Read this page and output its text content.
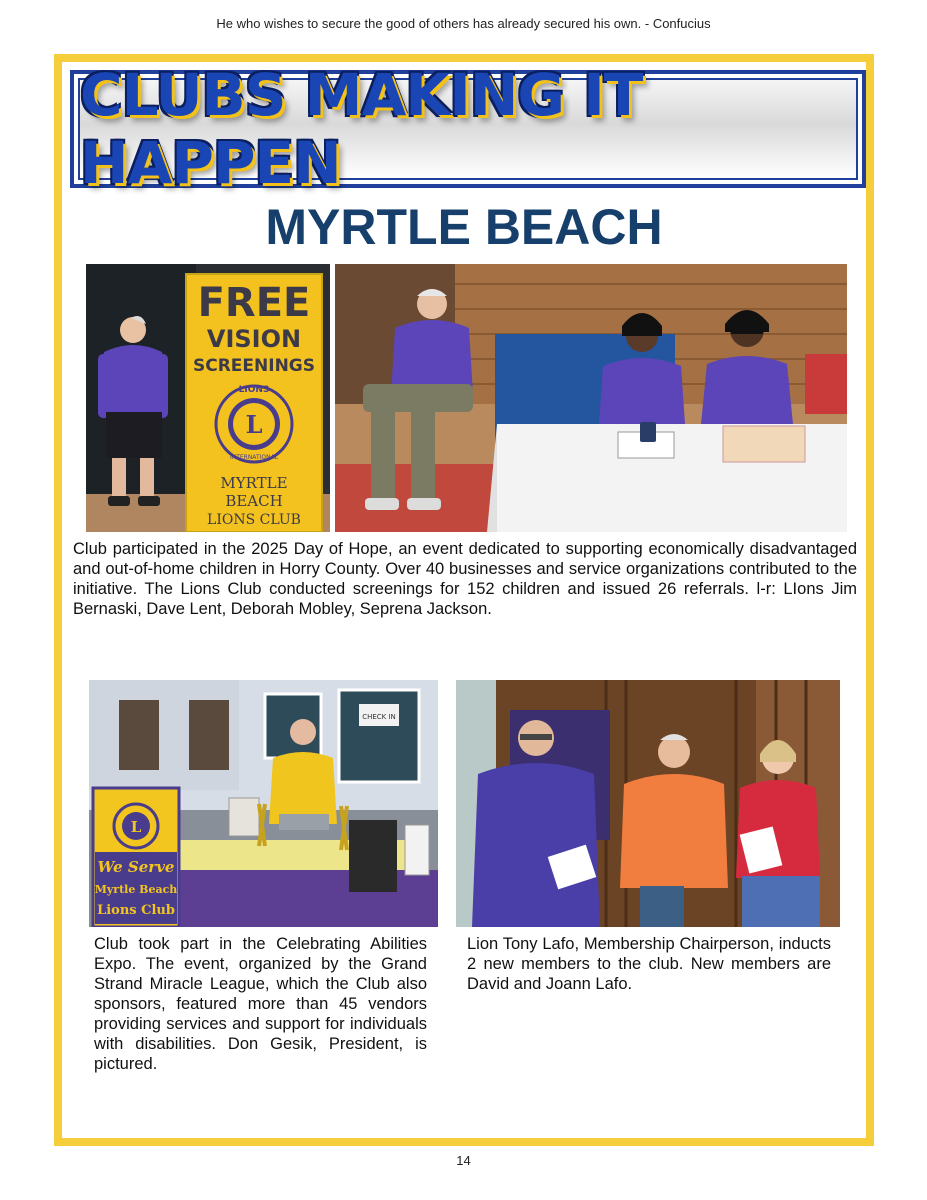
He who wishes to secure the good of others has already secured his own. - Confucius
CLUBS MAKING IT HAPPEN
MYRTLE BEACH
FREE
VISION
SCREENINGS
LIONS
L
INTERNATIONAL
MYRTLE
BEACH
LIONS CLUB
Club participated in the 2025 Day of Hope, an event dedicated to supporting economically disadvantaged and out-of-home children in Horry County. Over 40 businesses and service organizations contributed to the initiative. The Lions Club conducted screenings for 152 children and issued 26 referrals. l-r: LIons Jim Bernaski, Dave Lent, Deborah Mobley, Seprena Jackson.
CHECK IN
L
We Serve
Myrtle Beach
Lions Club
Club took part in the Celebrating Abilities Expo. The event, organized by the Grand Strand Miracle League, which the Club also sponsors, featured more than 45 vendors providing services and support for individuals with disabilities. Don Gesik, President, is pictured.
Lion Tony Lafo, Membership Chairperson, inducts 2 new members to the club. New members are David and Joann Lafo.
14
